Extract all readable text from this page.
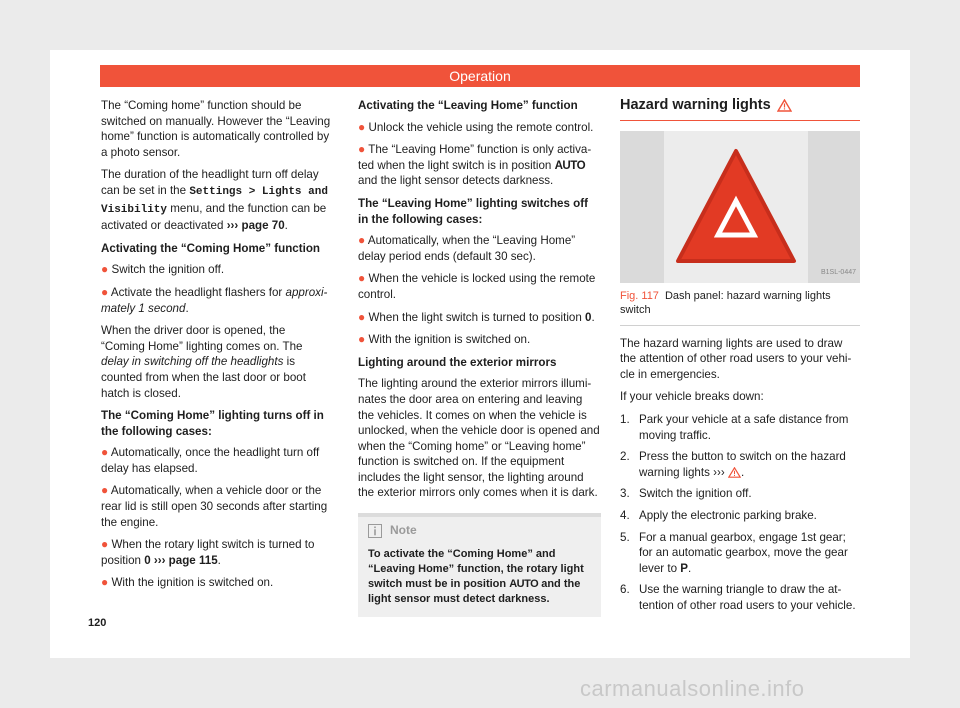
Operation

The “Coming home” function should be switched on manually. However the “Leaving home” function is automatically controlled by a photo sensor.

The duration of the headlight turn off delay can be set in the Settings > Lights and Visibility menu, and the function can be activated or deactivated ››› page 70.

Activating the “Coming Home” function
● Switch the ignition off.
● Activate the headlight flashers for approximately 1 second.

When the driver door is opened, the “Coming Home” lighting comes on. The delay in switching off the headlights is counted from when the last door or boot hatch is closed.

The “Coming Home” lighting turns off in the following cases:
● Automatically, once the headlight turn off delay has elapsed.
● Automatically, when a vehicle door or the rear lid is still open 30 seconds after starting the engine.
● When the rotary light switch is turned to position 0 ››› page 115.
● With the ignition is switched on.
Activating the “Leaving Home” function
● Unlock the vehicle using the remote control.
● The “Leaving Home” function is only activated when the light switch is in position AUTO and the light sensor detects darkness.
The “Leaving Home” lighting switches off in the following cases:
● Automatically, when the “Leaving Home” delay period ends (default 30 sec).
● When the vehicle is locked using the remote control.
● When the light switch is turned to position 0.
● With the ignition is switched on.
Lighting around the exterior mirrors

The lighting around the exterior mirrors illuminates the door area on entering and leaving the vehicles. It comes on when the vehicle is unlocked, when the vehicle door is opened and when the “Coming home” or “Leaving home” function is switched on. If the equipment includes the light sensor, the lighting around the exterior mirrors only comes when it is dark.

Note
To activate the “Coming Home” and “Leaving Home” function, the rotary light switch must be in position AUTO and the light sensor must detect darkness.
Hazard warning lights
B1SL-0447
Fig. 117 Dash panel: hazard warning lights switch

The hazard warning lights are used to draw the attention of other road users to your vehicle in emergencies.

If your vehicle breaks down:

1. Park your vehicle at a safe distance from moving traffic.
2. Press the button to switch on the hazard warning lights ››› .
3. Switch the ignition off.
4. Apply the electronic parking brake.
5. For a manual gearbox, engage 1st gear; for an automatic gearbox, move the gear lever to P.
6. Use the warning triangle to draw the attention of other road users to your vehicle.
120
carmanualsonline.info
